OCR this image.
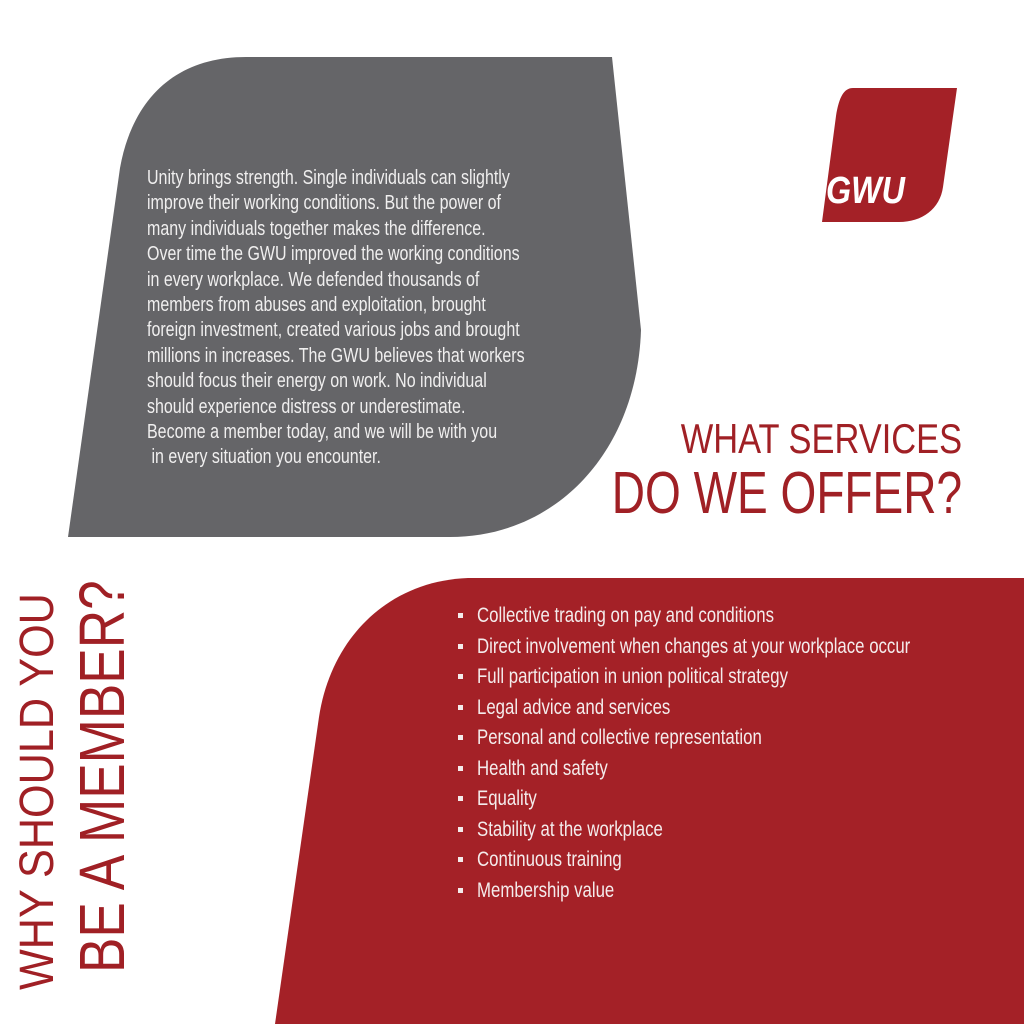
Unity brings strength. Single individuals can slightly
improve their working conditions. But the power of
many individuals together makes the difference.
Over time the GWU improved the working conditions
in every workplace. We defended thousands of
members from abuses and exploitation, brought
foreign investment, created various jobs and brought
millions in increases. The GWU believes that workers
should focus their energy on work. No individual
should experience distress or underestimate.
Become a member today, and we will be with you
in every situation you encounter.
GWU
WHAT SERVICES
DO WE OFFER?
Collective trading on pay and conditions
Direct involvement when changes at your workplace occur
Full participation in union political strategy
Legal advice and services
Personal and collective representation
Health and safety
Equality
Stability at the workplace
Continuous training
Membership value
WHY SHOULD YOU BE A MEMBER?
